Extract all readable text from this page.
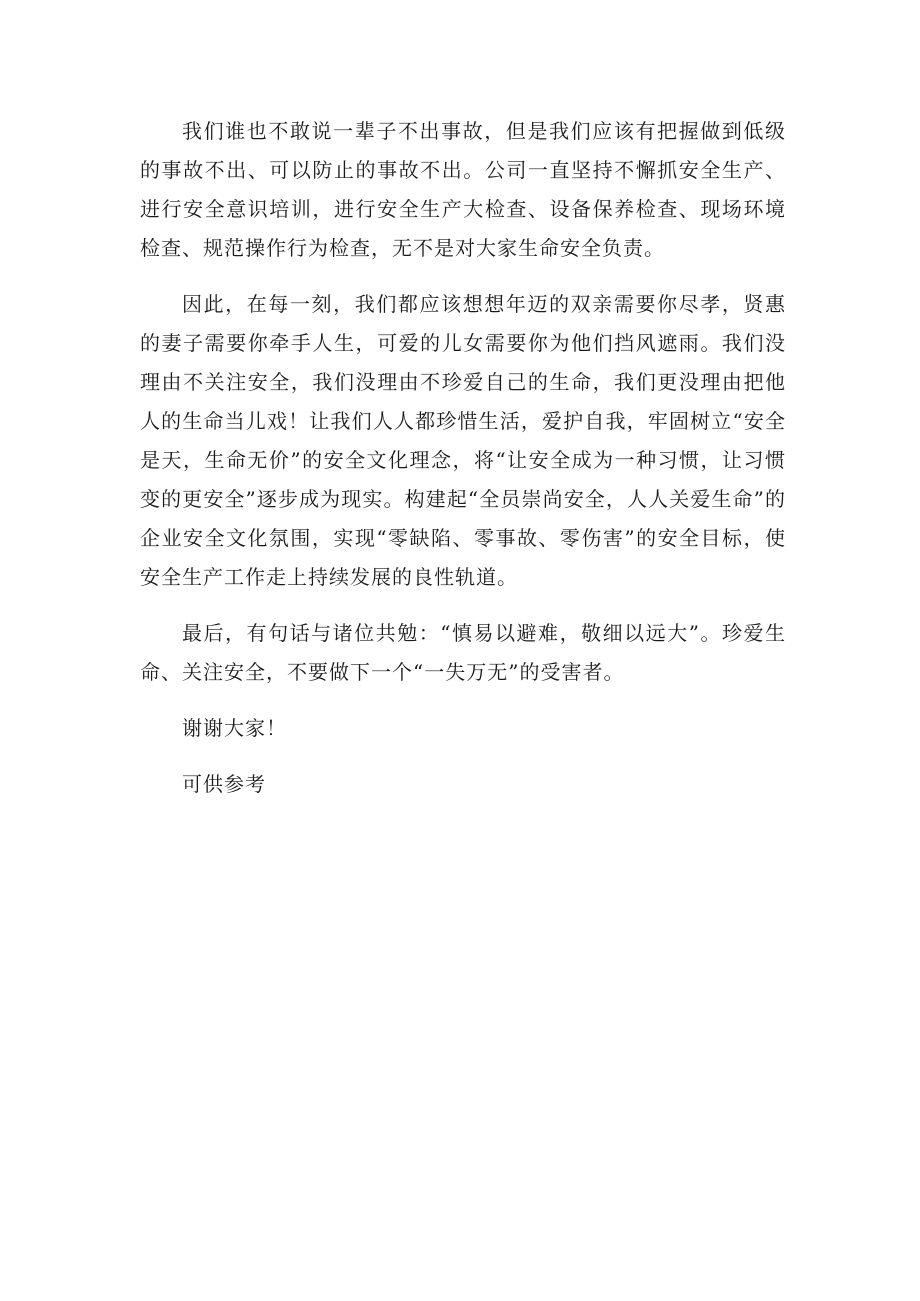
我们谁也不敢说一辈子不出事故，但是我们应该有把握做到低级的事故不出、可以防止的事故不出。公司一直坚持不懈抓安全生产、进行安全意识培训，进行安全生产大检查、设备保养检查、现场环境检查、规范操作行为检查，无不是对大家生命安全负责。

因此，在每一刻，我们都应该想想年迈的双亲需要你尽孝，贤惠的妻子需要你牵手人生，可爱的儿女需要你为他们挡风遮雨。我们没理由不关注安全，我们没理由不珍爱自己的生命，我们更没理由把他人的生命当儿戏！让我们人人都珍惜生活，爱护自我，牢固树立“安全是天，生命无价”的安全文化理念，将“让安全成为一种习惯，让习惯变的更安全”逐步成为现实。构建起“全员崇尚安全，人人关爱生命”的企业安全文化氛围，实现“零缺陷、零事故、零伤害”的安全目标，使安全生产工作走上持续发展的良性轨道。

最后，有句话与诸位共勉：“慎易以避难，敬细以远大”。珍爱生命、关注安全，不要做下一个“一失万无”的受害者。

谢谢大家！

可供参考
